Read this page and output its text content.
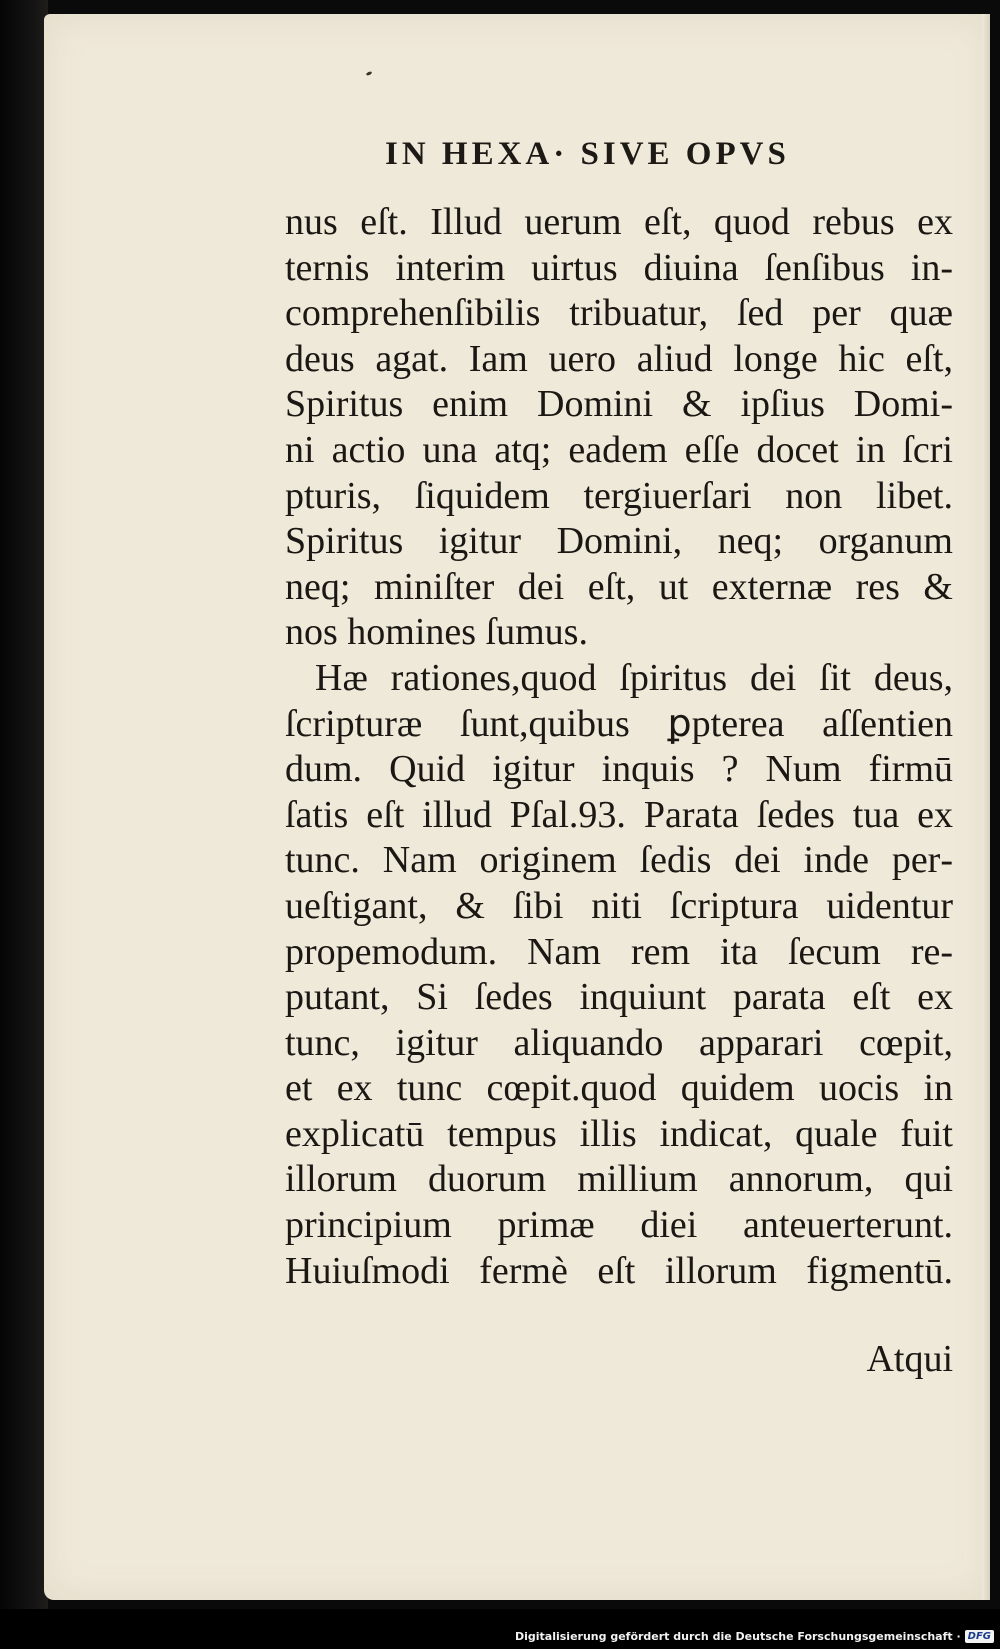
IN HEXA· SIVE OPVS
nus eſt. Illud uerum eſt, quod rebus ex
ternis interim uirtus diuina ſenſibus in‐
comprehenſibilis tribuatur, ſed per quæ
deus agat. Iam uero aliud longe hic eſt,
Spiritus enim Domini & ipſius Domi‐
ni actio una atq; eadem eſſe docet in ſcri
pturis, ſiquidem tergiuerſari non libet.
Spiritus igitur Domini, neq; organum
neq; miniſter dei eſt, ut externæ res &
nos homines ſumus.
Hæ rationes,quod ſpiritus dei ſit deus,
ſcripturæ ſunt,quibus ꝑpterea aſſentien
dum. Quid igitur inquis ? Num firmū
ſatis eſt illud Pſal.93. Parata ſedes tua ex
tunc. Nam originem ſedis dei inde per‐
ueſtigant, & ſibi niti ſcriptura uidentur
propemodum. Nam rem ita ſecum re‐
putant, Si ſedes inquiunt parata eſt ex
tunc, igitur aliquando apparari cœpit,
et ex tunc cœpit.quod quidem uocis in
explicatū tempus illis indicat, quale fuit
illorum duorum millium annorum, qui
principium primæ diei anteuerterunt.
Huiuſmodi fermè eſt illorum figmentū.
Atqui
Digitalisierung gefördert durch die Deutsche Forschungsgemeinschaft · DFG
